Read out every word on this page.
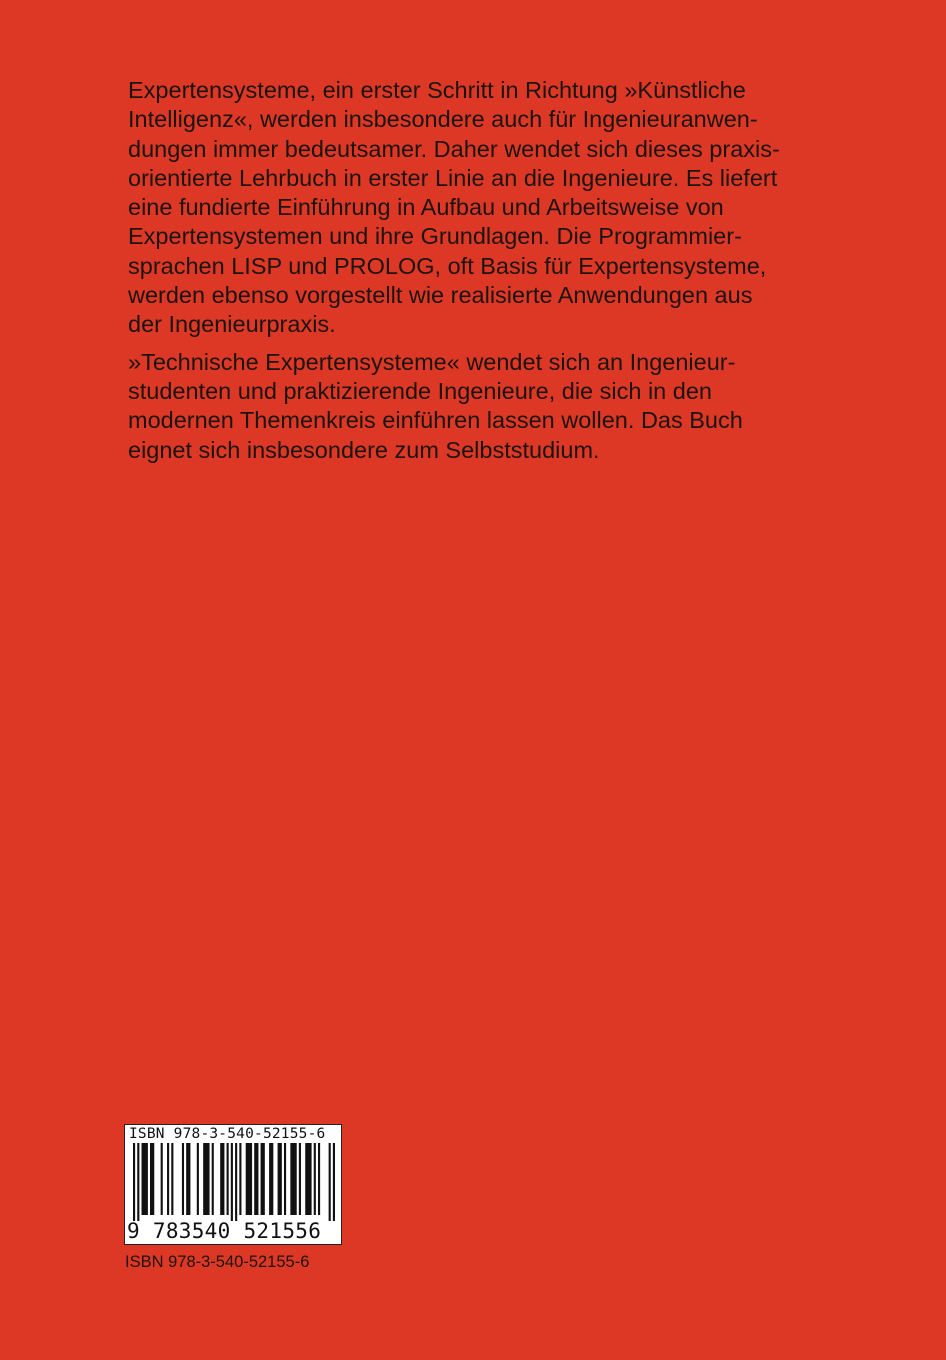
Expertensysteme, ein erster Schritt in Richtung »Künstliche
Intelligenz«, werden insbesondere auch für Ingenieuranwen-
dungen immer bedeutsamer. Daher wendet sich dieses praxis-
orientierte Lehrbuch in erster Linie an die Ingenieure. Es liefert
eine fundierte Einführung in Aufbau und Arbeitsweise von
Expertensystemen und ihre Grundlagen. Die Programmier-
sprachen LISP und PROLOG, oft Basis für Expertensysteme,
werden ebenso vorgestellt wie realisierte Anwendungen aus
der Ingenieurpraxis.

»Technische Expertensysteme« wendet sich an Ingenieur-
studenten und praktizierende Ingenieure, die sich in den
modernen Themenkreis einführen lassen wollen. Das Buch
eignet sich insbesondere zum Selbststudium.

ISBN 978-3-540-52155-6
9 783540 521556
ISBN 978-3-540-52155-6
